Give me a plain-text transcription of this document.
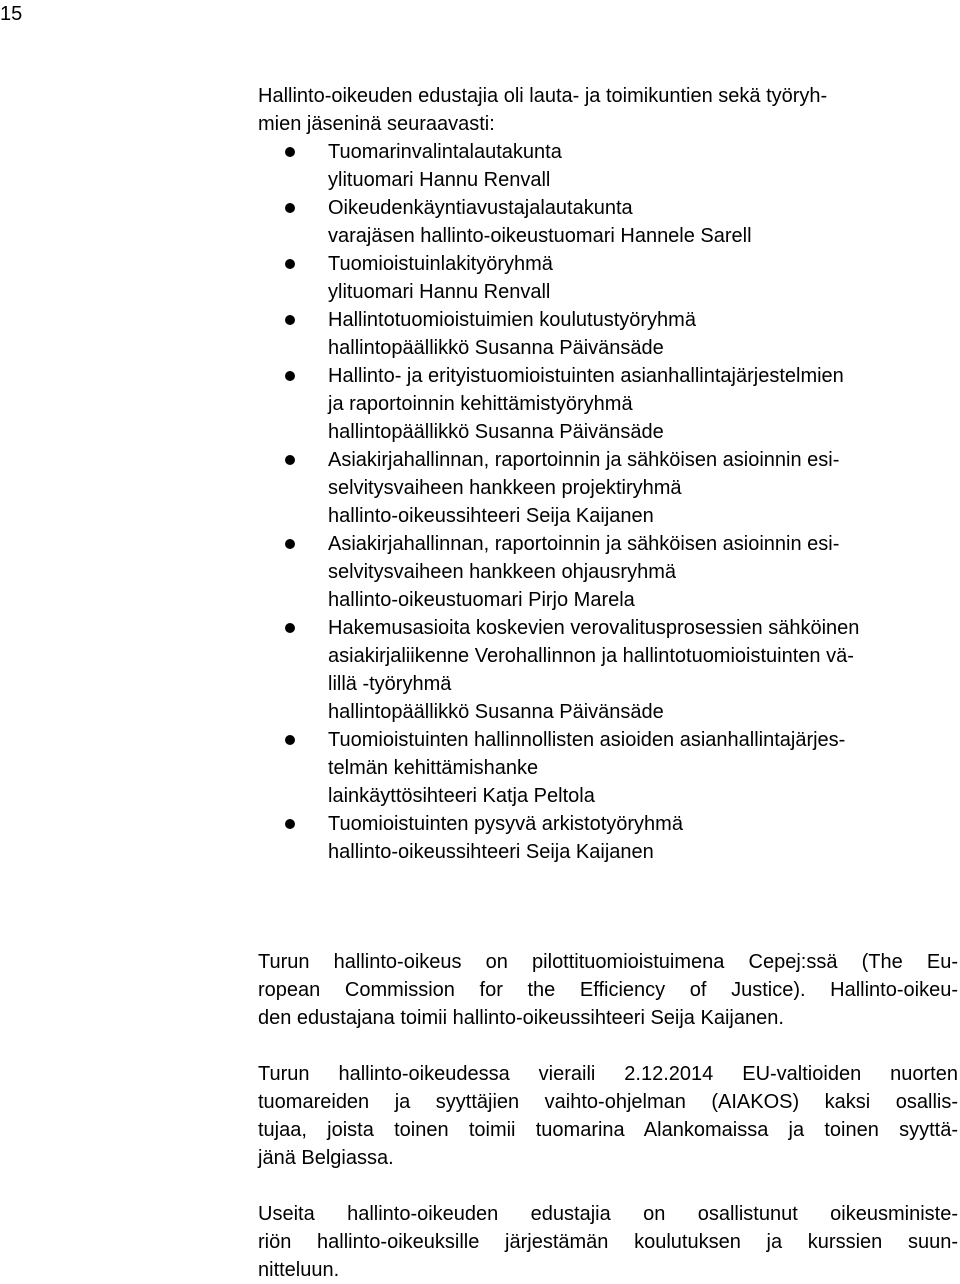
15
Hallinto-oikeuden edustajia oli lauta- ja toimikuntien sekä työryh-
mien jäseninä seuraavasti:
Tuomarinvalintalautakunta
ylituomari Hannu Renvall
Oikeudenkäyntiavustajalautakunta
varajäsen hallinto-oikeustuomari Hannele Sarell
Tuomioistuinlakityöryhmä
ylituomari Hannu Renvall
Hallintotuomioistuimien koulutustyöryhmä
hallintopäällikkö Susanna Päivänsäde
Hallinto- ja erityistuomioistuinten asianhallintajärjestelmien
ja raportoinnin kehittämistyöryhmä
hallintopäällikkö Susanna Päivänsäde
Asiakirjahallinnan, raportoinnin ja sähköisen asioinnin esi-
selvitysvaiheen hankkeen projektiryhmä
hallinto-oikeussihteeri Seija Kaijanen
Asiakirjahallinnan, raportoinnin ja sähköisen asioinnin esi-
selvitysvaiheen hankkeen ohjausryhmä
hallinto-oikeustuomari Pirjo Marela
Hakemusasioita koskevien verovalitusprosessien sähköinen
asiakirjaliikenne Verohallinnon ja hallintotuomioistuinten vä-
lillä -työryhmä
hallintopäällikkö Susanna Päivänsäde
Tuomioistuinten hallinnollisten asioiden asianhallintajärjes-
telmän kehittämishanke
lainkäyttösihteeri Katja Peltola
Tuomioistuinten pysyvä arkistotyöryhmä
hallinto-oikeussihteeri Seija Kaijanen
Turun hallinto-oikeus on pilottituomioistuimena Cepej:ssä (The Eu-
ropean Commission for the Efficiency of Justice). Hallinto-oikeu-
den edustajana toimii hallinto-oikeussihteeri Seija Kaijanen.
Turun hallinto-oikeudessa vieraili 2.12.2014 EU-valtioiden nuorten
tuomareiden ja syyttäjien vaihto-ohjelman (AIAKOS) kaksi osallis-
tujaa, joista toinen toimii tuomarina Alankomaissa ja toinen syyttä-
jänä Belgiassa.
Useita hallinto-oikeuden edustajia on osallistunut oikeusministe-
riön hallinto-oikeuksille järjestämän koulutuksen ja kurssien suun-
nitteluun.
